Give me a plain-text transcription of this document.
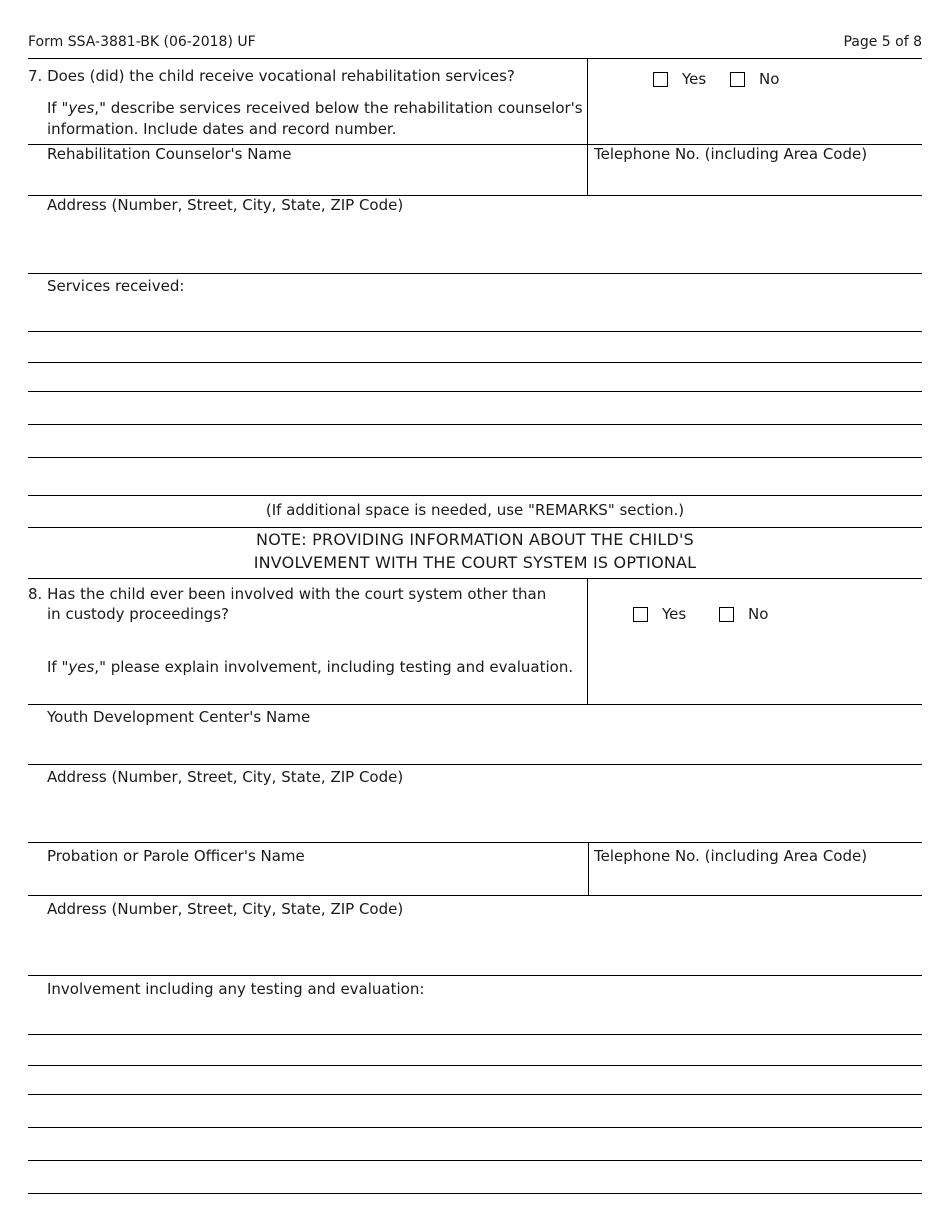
Form SSA-3881-BK (06-2018) UF	Page 5 of 8
7. Does (did) the child receive vocational rehabilitation services?
If "yes," describe services received below the rehabilitation counselor's
information. Include dates and record number.
Yes	No
Rehabilitation Counselor's Name	Telephone No. (including Area Code)
Address (Number, Street, City, State, ZIP Code)
Services received:
(If additional space is needed, use "REMARKS" section.)
NOTE: PROVIDING INFORMATION ABOUT THE CHILD'S
INVOLVEMENT WITH THE COURT SYSTEM IS OPTIONAL
8. Has the child ever been involved with the court system other than
in custody proceedings?
If "yes," please explain involvement, including testing and evaluation.
Yes	No
Youth Development Center's Name
Address (Number, Street, City, State, ZIP Code)
Probation or Parole Officer's Name	Telephone No. (including Area Code)
Address (Number, Street, City, State, ZIP Code)
Involvement including any testing and evaluation:
